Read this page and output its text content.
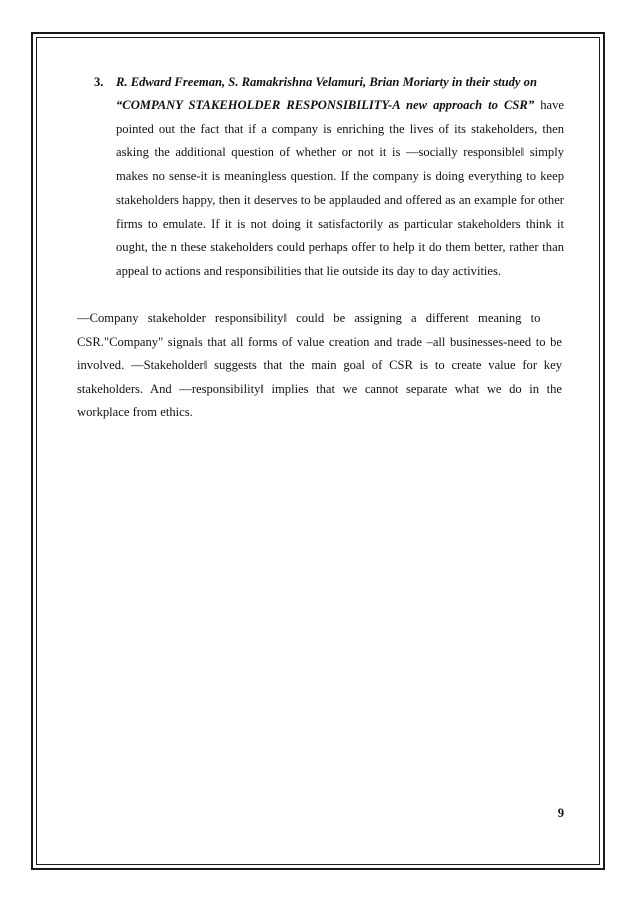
3. R. Edward Freeman, S. Ramakrishna Velamuri, Brian Moriarty in their study on
“COMPANY STAKEHOLDER RESPONSIBILITY-A new approach to CSR” have pointed out the fact that if a company is enriching the lives of its stakeholders, then asking the additional question of whether or not it is ―socially responsible‖ simply makes no sense-it is meaningless question. If the company is doing everything to keep stakeholders happy, then it deserves to be applauded and offered as an example for other firms to emulate. If it is not doing it satisfactorily as particular stakeholders think it ought, the n these stakeholders could perhaps offer to help it do them better, rather than appeal to actions and responsibilities that lie outside its day to day activities.
―Company stakeholder responsibility‖ could be assigning a different meaning to
CSR."Company" signals that all forms of value creation and trade –all businesses-need to be involved. ―Stakeholder‖ suggests that the main goal of CSR is to create value for key stakeholders. And ―responsibility‖ implies that we cannot separate what we do in the workplace from ethics.
9
